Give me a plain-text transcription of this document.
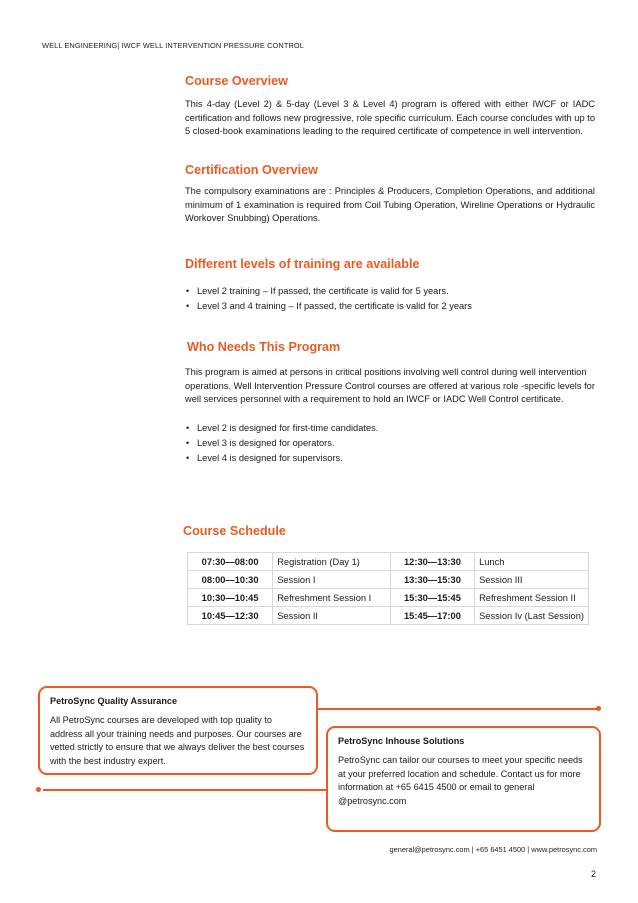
WELL ENGINEERING| IWCF WELL INTERVENTION PRESSURE CONTROL
Course Overview
This 4-day (Level 2) & 5-day (Level 3 & Level 4) program is offered with either IWCF or IADC certification and follows new progressive, role specific curriculum. Each course concludes with up to 5 closed-book examinations leading to the required certificate of competence in well intervention.
Certification Overview
The compulsory examinations are : Principles & Producers, Completion Operations, and additional minimum of 1 examination is required from Coil Tubing Operation, Wireline Operations or Hydraulic Workover Snubbing) Operations.
Different levels of training are available
• Level 2 training – If passed, the certificate is valid for 5 years.
• Level 3 and 4 training – If passed, the certificate is valid for 2 years
Who Needs This Program
This program is aimed at persons in critical positions involving well control during well intervention operations. Well Intervention Pressure Control courses are offered at various role -specific levels for well services personnel with a requirement to hold an IWCF or IADC Well Control certificate.
• Level 2 is designed for first-time candidates.
• Level 3 is designed for operators.
• Level 4 is designed for supervisors.
Course Schedule
07:30—08:00	Registration (Day 1)	12:30—13:30	Lunch
08:00—10:30	Session I	13:30—15:30	Session III
10:30—10:45	Refreshment Session I	15:30—15:45	Refreshment Session II
10:45—12:30	Session II	15:45—17:00	Session Iv (Last Session)
PetroSync Quality Assurance
All PetroSync courses are developed with top quality to address all your training needs and purposes. Our courses are vetted strictly to ensure that we always deliver the best courses with the best industry expert.
PetroSync Inhouse Solutions
PetroSync can tailor our courses to meet your specific needs at your preferred location and schedule. Contact us for more information at +65 6415 4500 or email to general @petrosync.com
general@petrosync.com | +65 6451 4500 | www.petrosync.com
2
